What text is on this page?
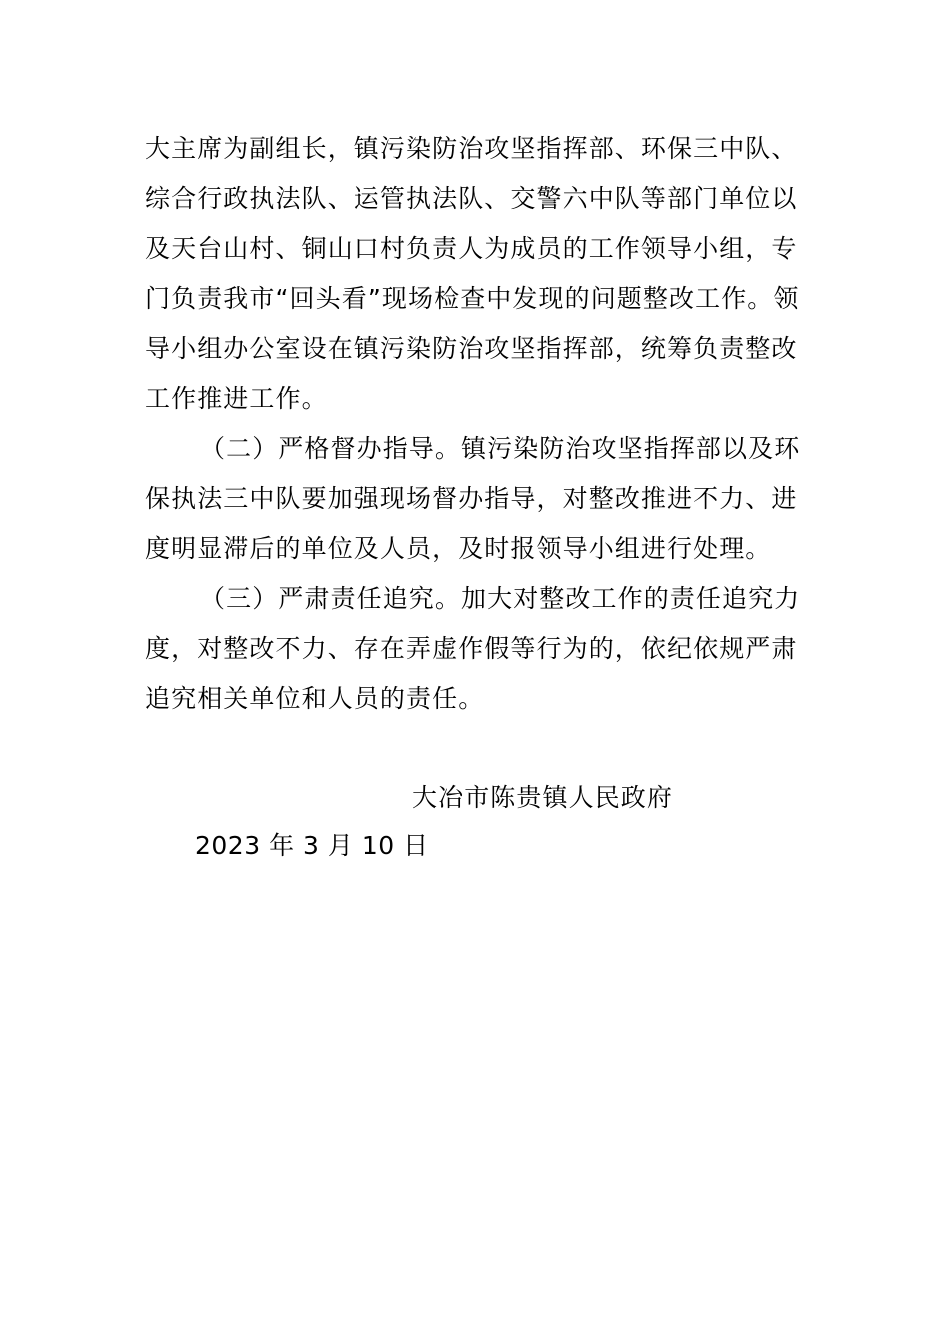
大主席为副组长，镇污染防治攻坚指挥部、环保三中队、
综合行政执法队、运管执法队、交警六中队等部门单位以
及天台山村、铜山口村负责人为成员的工作领导小组，专
门负责我市“回头看”现场检查中发现的问题整改工作。领
导小组办公室设在镇污染防治攻坚指挥部，统筹负责整改
工作推进工作。
（二）严格督办指导。镇污染防治攻坚指挥部以及环
保执法三中队要加强现场督办指导，对整改推进不力、进
度明显滞后的单位及人员，及时报领导小组进行处理。
（三）严肃责任追究。加大对整改工作的责任追究力
度，对整改不力、存在弄虚作假等行为的，依纪依规严肃
追究相关单位和人员的责任。
大冶市陈贵镇人民政府
2023 年 3 月 10 日
